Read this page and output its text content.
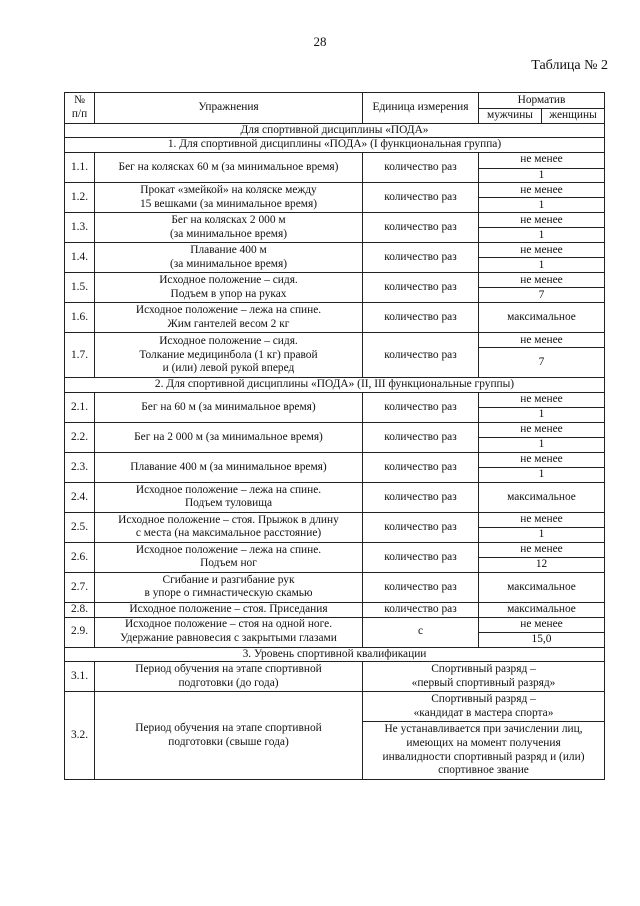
28
Таблица № 2
№
п/п	Упражнения	Единица измерения	Норматив	
			мужчины	женщины
Для спортивной дисциплины «ПОДА»				
1. Для спортивной дисциплины «ПОДА» (I функциональная группа)				
1.1.	Бег на колясках 60 м (за минимальное время)	количество раз	не менее	
			1	
1.2.	Прокат «змейкой» на коляске между
15 вешками (за минимальное время)	количество раз	не менее	
			1	
1.3.	Бег на колясках 2 000 м
(за минимальное время)	количество раз	не менее	
			1	
1.4.	Плавание 400 м
(за минимальное время)	количество раз	не менее	
			1	
1.5.	Исходное положение – сидя.
Подъем в упор на руках	количество раз	не менее	
			7	
1.6.	Исходное положение – лежа на спине.
Жим гантелей весом 2 кг	количество раз	максимальное	
1.7.	Исходное положение – сидя.
Толкание медицинбола (1 кг) правой
и (или) левой рукой вперед	количество раз	не менее	
			7	
2. Для спортивной дисциплины «ПОДА» (II, III функциональные группы)				
2.1.	Бег на 60 м (за минимальное время)	количество раз	не менее	
			1	
2.2.	Бег на 2 000 м (за минимальное время)	количество раз	не менее	
			1	
2.3.	Плавание 400 м (за минимальное время)	количество раз	не менее	
			1	
2.4.	Исходное положение – лежа на спине.
Подъем туловища	количество раз	максимальное	
2.5.	Исходное положение – стоя. Прыжок в длину
с места (на максимальное расстояние)	количество раз	не менее	
			1	
2.6.	Исходное положение – лежа на спине.
Подъем ног	количество раз	не менее	
			12	
2.7.	Сгибание и разгибание рук
в упоре о гимнастическую скамью	количество раз	максимальное	
2.8.	Исходное положение – стоя. Приседания	количество раз	максимальное	
2.9.	Исходное положение – стоя на одной ноге.
Удержание равновесия с закрытыми глазами	с	не менее	
			15,0	
3. Уровень спортивной квалификации				
3.1.	Период обучения на этапе спортивной
подготовки (до года)	Спортивный разряд –
«первый спортивный разряд»		
3.2.	Период обучения на этапе спортивной
подготовки (свыше года)	Спортивный разряд –
«кандидат в мастера спорта»		
		Не устанавливается при зачислении лиц,
имеющих на момент получения
инвалидности спортивный разряд и (или)
спортивное звание		
